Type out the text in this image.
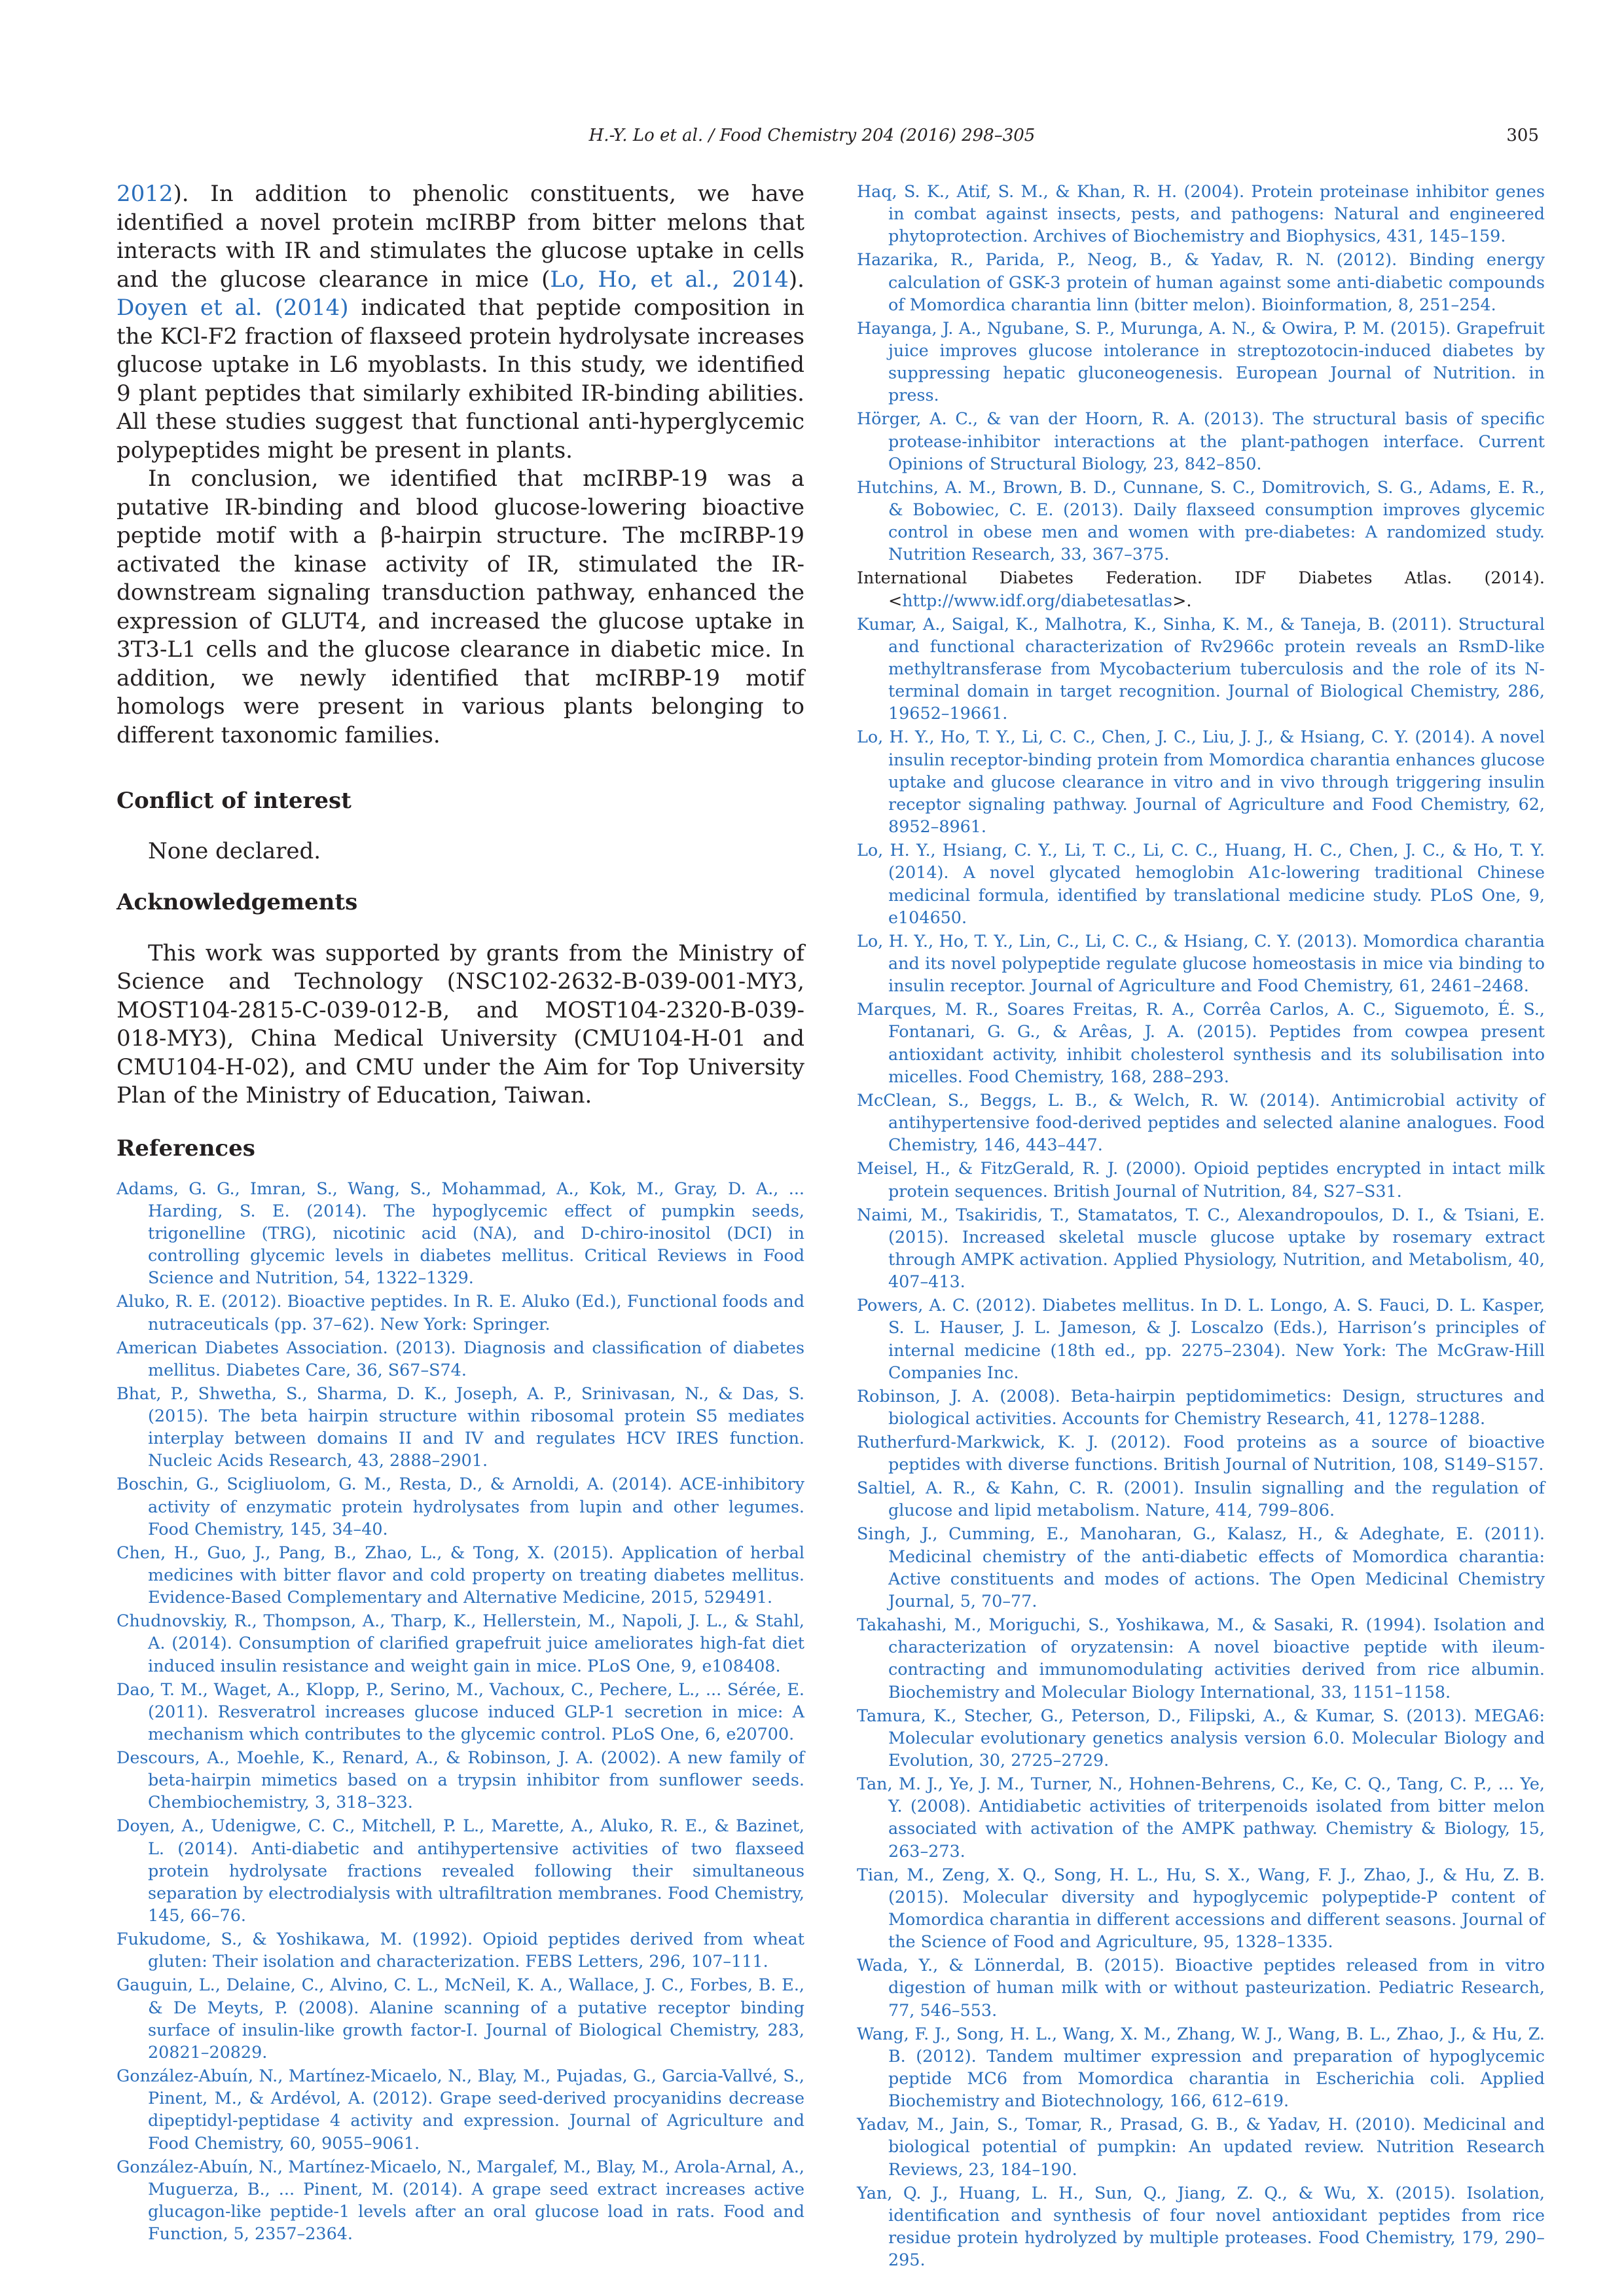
H.-Y. Lo et al. / Food Chemistry 204 (2016) 298–305	305

2012). In addition to phenolic constituents, we have identified a novel protein mcIRBP from bitter melons that interacts with IR and stimulates the glucose uptake in cells and the glucose clearance in mice (Lo, Ho, et al., 2014). Doyen et al. (2014) indicated that peptide composition in the KCl-F2 fraction of flaxseed protein hydrolysate increases glucose uptake in L6 myoblasts. In this study, we identified 9 plant peptides that similarly exhibited IR-binding abilities. All these studies suggest that functional anti-hyperglycemic polypeptides might be present in plants.

In conclusion, we identified that mcIRBP-19 was a putative IR-binding and blood glucose-lowering bioactive peptide motif with a β-hairpin structure. The mcIRBP-19 activated the kinase activity of IR, stimulated the IR-downstream signaling transduction pathway, enhanced the expression of GLUT4, and increased the glucose uptake in 3T3-L1 cells and the glucose clearance in diabetic mice. In addition, we newly identified that mcIRBP-19 motif homologs were present in various plants belonging to different taxonomic families.

Conflict of interest

None declared.

Acknowledgements

This work was supported by grants from the Ministry of Science and Technology (NSC102-2632-B-039-001-MY3, MOST104-2815-C-039-012-B, and MOST104-2320-B-039-018-MY3), China Medical University (CMU104-H-01 and CMU104-H-02), and CMU under the Aim for Top University Plan of the Ministry of Education, Taiwan.

References

Adams, G. G., Imran, S., Wang, S., Mohammad, A., Kok, M., Gray, D. A., ... Harding, S. E. (2014). The hypoglycemic effect of pumpkin seeds, trigonelline (TRG), nicotinic acid (NA), and D-chiro-inositol (DCI) in controlling glycemic levels in diabetes mellitus. Critical Reviews in Food Science and Nutrition, 54, 1322–1329.

Aluko, R. E. (2012). Bioactive peptides. In R. E. Aluko (Ed.), Functional foods and nutraceuticals (pp. 37–62). New York: Springer.

American Diabetes Association. (2013). Diagnosis and classification of diabetes mellitus. Diabetes Care, 36, S67–S74.

Bhat, P., Shwetha, S., Sharma, D. K., Joseph, A. P., Srinivasan, N., & Das, S. (2015). The beta hairpin structure within ribosomal protein S5 mediates interplay between domains II and IV and regulates HCV IRES function. Nucleic Acids Research, 43, 2888–2901.

Boschin, G., Scigliuolom, G. M., Resta, D., & Arnoldi, A. (2014). ACE-inhibitory activity of enzymatic protein hydrolysates from lupin and other legumes. Food Chemistry, 145, 34–40.

Chen, H., Guo, J., Pang, B., Zhao, L., & Tong, X. (2015). Application of herbal medicines with bitter flavor and cold property on treating diabetes mellitus. Evidence-Based Complementary and Alternative Medicine, 2015, 529491.

Chudnovskiy, R., Thompson, A., Tharp, K., Hellerstein, M., Napoli, J. L., & Stahl, A. (2014). Consumption of clarified grapefruit juice ameliorates high-fat diet induced insulin resistance and weight gain in mice. PLoS One, 9, e108408.

Dao, T. M., Waget, A., Klopp, P., Serino, M., Vachoux, C., Pechere, L., ... Sérée, E. (2011). Resveratrol increases glucose induced GLP-1 secretion in mice: A mechanism which contributes to the glycemic control. PLoS One, 6, e20700.

Descours, A., Moehle, K., Renard, A., & Robinson, J. A. (2002). A new family of beta-hairpin mimetics based on a trypsin inhibitor from sunflower seeds. Chembiochemistry, 3, 318–323.

Doyen, A., Udenigwe, C. C., Mitchell, P. L., Marette, A., Aluko, R. E., & Bazinet, L. (2014). Anti-diabetic and antihypertensive activities of two flaxseed protein hydrolysate fractions revealed following their simultaneous separation by electrodialysis with ultrafiltration membranes. Food Chemistry, 145, 66–76.

Fukudome, S., & Yoshikawa, M. (1992). Opioid peptides derived from wheat gluten: Their isolation and characterization. FEBS Letters, 296, 107–111.

Gauguin, L., Delaine, C., Alvino, C. L., McNeil, K. A., Wallace, J. C., Forbes, B. E., & De Meyts, P. (2008). Alanine scanning of a putative receptor binding surface of insulin-like growth factor-I. Journal of Biological Chemistry, 283, 20821–20829.

González-Abuín, N., Martínez-Micaelo, N., Blay, M., Pujadas, G., Garcia-Vallvé, S., Pinent, M., & Ardévol, A. (2012). Grape seed-derived procyanidins decrease dipeptidyl-peptidase 4 activity and expression. Journal of Agriculture and Food Chemistry, 60, 9055–9061.

González-Abuín, N., Martínez-Micaelo, N., Margalef, M., Blay, M., Arola-Arnal, A., Muguerza, B., ... Pinent, M. (2014). A grape seed extract increases active glucagon-like peptide-1 levels after an oral glucose load in rats. Food and Function, 5, 2357–2364.

Haq, S. K., Atif, S. M., & Khan, R. H. (2004). Protein proteinase inhibitor genes in combat against insects, pests, and pathogens: Natural and engineered phytoprotection. Archives of Biochemistry and Biophysics, 431, 145–159.

Hazarika, R., Parida, P., Neog, B., & Yadav, R. N. (2012). Binding energy calculation of GSK-3 protein of human against some anti-diabetic compounds of Momordica charantia linn (bitter melon). Bioinformation, 8, 251–254.

Hayanga, J. A., Ngubane, S. P., Murunga, A. N., & Owira, P. M. (2015). Grapefruit juice improves glucose intolerance in streptozotocin-induced diabetes by suppressing hepatic gluconeogenesis. European Journal of Nutrition. in press.

Hörger, A. C., & van der Hoorn, R. A. (2013). The structural basis of specific protease-inhibitor interactions at the plant-pathogen interface. Current Opinions of Structural Biology, 23, 842–850.

Hutchins, A. M., Brown, B. D., Cunnane, S. C., Domitrovich, S. G., Adams, E. R., & Bobowiec, C. E. (2013). Daily flaxseed consumption improves glycemic control in obese men and women with pre-diabetes: A randomized study. Nutrition Research, 33, 367–375.

International Diabetes Federation. IDF Diabetes Atlas. (2014). <http://www.idf.org/diabetesatlas>.

Kumar, A., Saigal, K., Malhotra, K., Sinha, K. M., & Taneja, B. (2011). Structural and functional characterization of Rv2966c protein reveals an RsmD-like methyltransferase from Mycobacterium tuberculosis and the role of its N-terminal domain in target recognition. Journal of Biological Chemistry, 286, 19652–19661.

Lo, H. Y., Ho, T. Y., Li, C. C., Chen, J. C., Liu, J. J., & Hsiang, C. Y. (2014). A novel insulin receptor-binding protein from Momordica charantia enhances glucose uptake and glucose clearance in vitro and in vivo through triggering insulin receptor signaling pathway. Journal of Agriculture and Food Chemistry, 62, 8952–8961.

Lo, H. Y., Hsiang, C. Y., Li, T. C., Li, C. C., Huang, H. C., Chen, J. C., & Ho, T. Y. (2014). A novel glycated hemoglobin A1c-lowering traditional Chinese medicinal formula, identified by translational medicine study. PLoS One, 9, e104650.

Lo, H. Y., Ho, T. Y., Lin, C., Li, C. C., & Hsiang, C. Y. (2013). Momordica charantia and its novel polypeptide regulate glucose homeostasis in mice via binding to insulin receptor. Journal of Agriculture and Food Chemistry, 61, 2461–2468.

Marques, M. R., Soares Freitas, R. A., Corrêa Carlos, A. C., Siguemoto, É. S., Fontanari, G. G., & Arêas, J. A. (2015). Peptides from cowpea present antioxidant activity, inhibit cholesterol synthesis and its solubilisation into micelles. Food Chemistry, 168, 288–293.

McClean, S., Beggs, L. B., & Welch, R. W. (2014). Antimicrobial activity of antihypertensive food-derived peptides and selected alanine analogues. Food Chemistry, 146, 443–447.

Meisel, H., & FitzGerald, R. J. (2000). Opioid peptides encrypted in intact milk protein sequences. British Journal of Nutrition, 84, S27–S31.

Naimi, M., Tsakiridis, T., Stamatatos, T. C., Alexandropoulos, D. I., & Tsiani, E. (2015). Increased skeletal muscle glucose uptake by rosemary extract through AMPK activation. Applied Physiology, Nutrition, and Metabolism, 40, 407–413.

Powers, A. C. (2012). Diabetes mellitus. In D. L. Longo, A. S. Fauci, D. L. Kasper, S. L. Hauser, J. L. Jameson, & J. Loscalzo (Eds.), Harrison’s principles of internal medicine (18th ed., pp. 2275–2304). New York: The McGraw-Hill Companies Inc.

Robinson, J. A. (2008). Beta-hairpin peptidomimetics: Design, structures and biological activities. Accounts for Chemistry Research, 41, 1278–1288.

Rutherfurd-Markwick, K. J. (2012). Food proteins as a source of bioactive peptides with diverse functions. British Journal of Nutrition, 108, S149–S157.

Saltiel, A. R., & Kahn, C. R. (2001). Insulin signalling and the regulation of glucose and lipid metabolism. Nature, 414, 799–806.

Singh, J., Cumming, E., Manoharan, G., Kalasz, H., & Adeghate, E. (2011). Medicinal chemistry of the anti-diabetic effects of Momordica charantia: Active constituents and modes of actions. The Open Medicinal Chemistry Journal, 5, 70–77.

Takahashi, M., Moriguchi, S., Yoshikawa, M., & Sasaki, R. (1994). Isolation and characterization of oryzatensin: A novel bioactive peptide with ileum-contracting and immunomodulating activities derived from rice albumin. Biochemistry and Molecular Biology International, 33, 1151–1158.

Tamura, K., Stecher, G., Peterson, D., Filipski, A., & Kumar, S. (2013). MEGA6: Molecular evolutionary genetics analysis version 6.0. Molecular Biology and Evolution, 30, 2725–2729.

Tan, M. J., Ye, J. M., Turner, N., Hohnen-Behrens, C., Ke, C. Q., Tang, C. P., ... Ye, Y. (2008). Antidiabetic activities of triterpenoids isolated from bitter melon associated with activation of the AMPK pathway. Chemistry & Biology, 15, 263–273.

Tian, M., Zeng, X. Q., Song, H. L., Hu, S. X., Wang, F. J., Zhao, J., & Hu, Z. B. (2015). Molecular diversity and hypoglycemic polypeptide-P content of Momordica charantia in different accessions and different seasons. Journal of the Science of Food and Agriculture, 95, 1328–1335.

Wada, Y., & Lönnerdal, B. (2015). Bioactive peptides released from in vitro digestion of human milk with or without pasteurization. Pediatric Research, 77, 546–553.

Wang, F. J., Song, H. L., Wang, X. M., Zhang, W. J., Wang, B. L., Zhao, J., & Hu, Z. B. (2012). Tandem multimer expression and preparation of hypoglycemic peptide MC6 from Momordica charantia in Escherichia coli. Applied Biochemistry and Biotechnology, 166, 612–619.

Yadav, M., Jain, S., Tomar, R., Prasad, G. B., & Yadav, H. (2010). Medicinal and biological potential of pumpkin: An updated review. Nutrition Research Reviews, 23, 184–190.

Yan, Q. J., Huang, L. H., Sun, Q., Jiang, Z. Q., & Wu, X. (2015). Isolation, identification and synthesis of four novel antioxidant peptides from rice residue protein hydrolyzed by multiple proteases. Food Chemistry, 179, 290–295.
